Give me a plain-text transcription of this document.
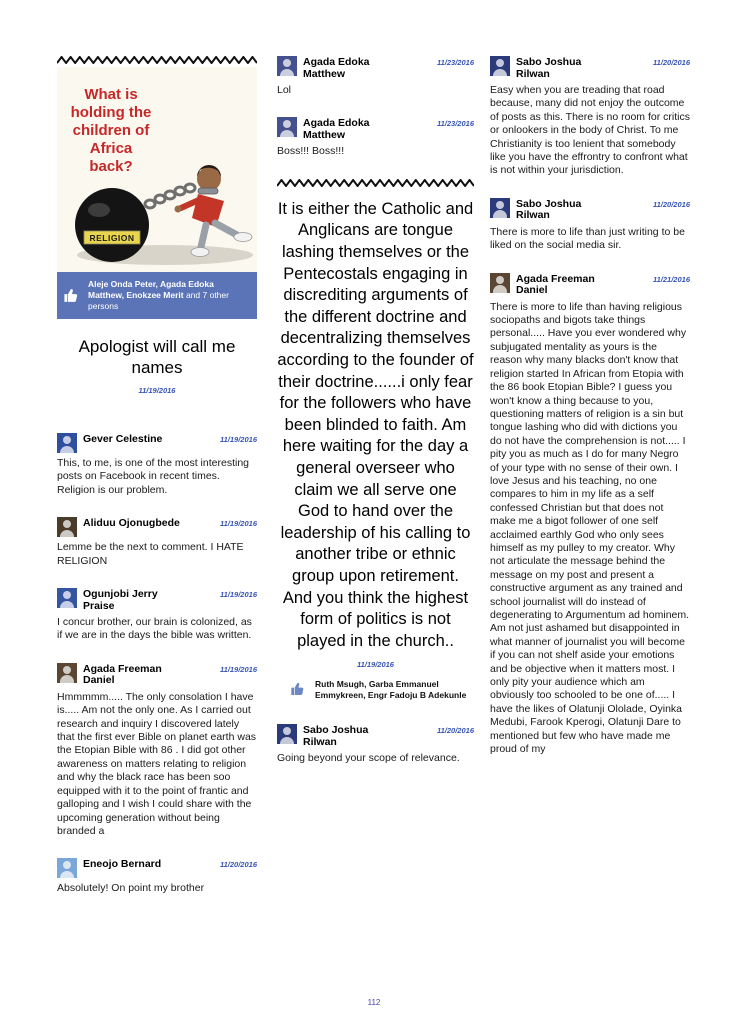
What is
holding the
children of
Africa
back?
RELIGION
Aleje Onda Peter, Agada Edoka Matthew, Enokzee Merit and 7 other persons
Apologist will call me names
11/19/2016
Gever Celestine	11/19/2016
This, to me, is one of the most interesting posts on Facebook in recent times. Religion is our problem.
Aliduu Ojonugbede	11/19/2016
Lemme be the next to comment. I HATE RELIGION
Ogunjobi Jerry Praise
11/19/2016
I concur brother, our brain is colonized, as if we are in the days the bible was written.
Agada Freeman Daniel
11/19/2016
Hmmmmm..... The only consolation I have is..... Am not the only one. As I carried out research and inquiry I discovered lately that the first ever Bible on planet earth was the Etopian Bible with 86 . I did got other awareness on matters relating to religion and why the black race has been soo equipped with it to the point of frantic and galloping and I wish I could share with the upcoming generation without being branded a
Eneojo Bernard	11/20/2016
Absolutely! On point my brother
Agada Edoka Matthew
11/23/2016
Lol
Agada Edoka Matthew
11/23/2016
Boss!!! Boss!!!
It is either the Catholic and Anglicans are tongue lashing themselves or the Pentecostals engaging in discrediting arguments of the different doctrine and decentralizing themselves according to the founder of their doctrine......i only fear for the followers who have been blinded to faith. Am here waiting for the day a general overseer who claim we all serve one God to hand over the leadership of his calling to another tribe or ethnic group upon retirement. And you think the highest form of politics is not played in the church..
11/19/2016
Ruth Msugh, Garba Emmanuel Emmykreen, Engr Fadoju B Adekunle
Sabo Joshua Rilwan
11/20/2016
Going beyond your scope of relevance.
Sabo Joshua Rilwan
11/20/2016
Easy when you are treading that road because, many did not enjoy the outcome of posts as this. There is no room for critics or onlookers in the body of Christ. To me Christianity is too lenient that somebody like you have the effrontry to confront what is not within your jurisdiction.
Sabo Joshua Rilwan
11/20/2016
There is more to life than just writing to be liked on the social media sir.
Agada Freeman Daniel
11/21/2016
There is more to life than having religious sociopaths and bigots take things personal..... Have you ever wondered why subjugated mentality as yours is the reason why many blacks don't know that religion started In African from Etopia with the 86 book Etopian Bible? I guess you won't know a thing because to you, questioning matters of religion is a sin but tongue lashing who did with dictions you do not have the comprehension is not..... I pity you as much as I do for many Negro of your type with no sense of their own. I love Jesus and his teaching, no one compares to him in my life as a self confessed Christian but that does not make me a bigot follower of one self acclaimed earthly God who only sees himself as my pulley to my creator. Why not articulate the message behind the message on my post and present a constructive argument as any trained and school journalist will do instead of degenerating to Argumentum ad hominem. Am not just ashamed but disappointed in what manner of journalist you will become if you can not shelf aside your emotions and be objective when it matters most. I only pity your audience which am obviously too schooled to be one of..... I have the likes of Olatunji Ololade, Oyinka Medubi, Farook Kperogi, Olatunji Dare to mentioned but few who have made me proud of my
112
